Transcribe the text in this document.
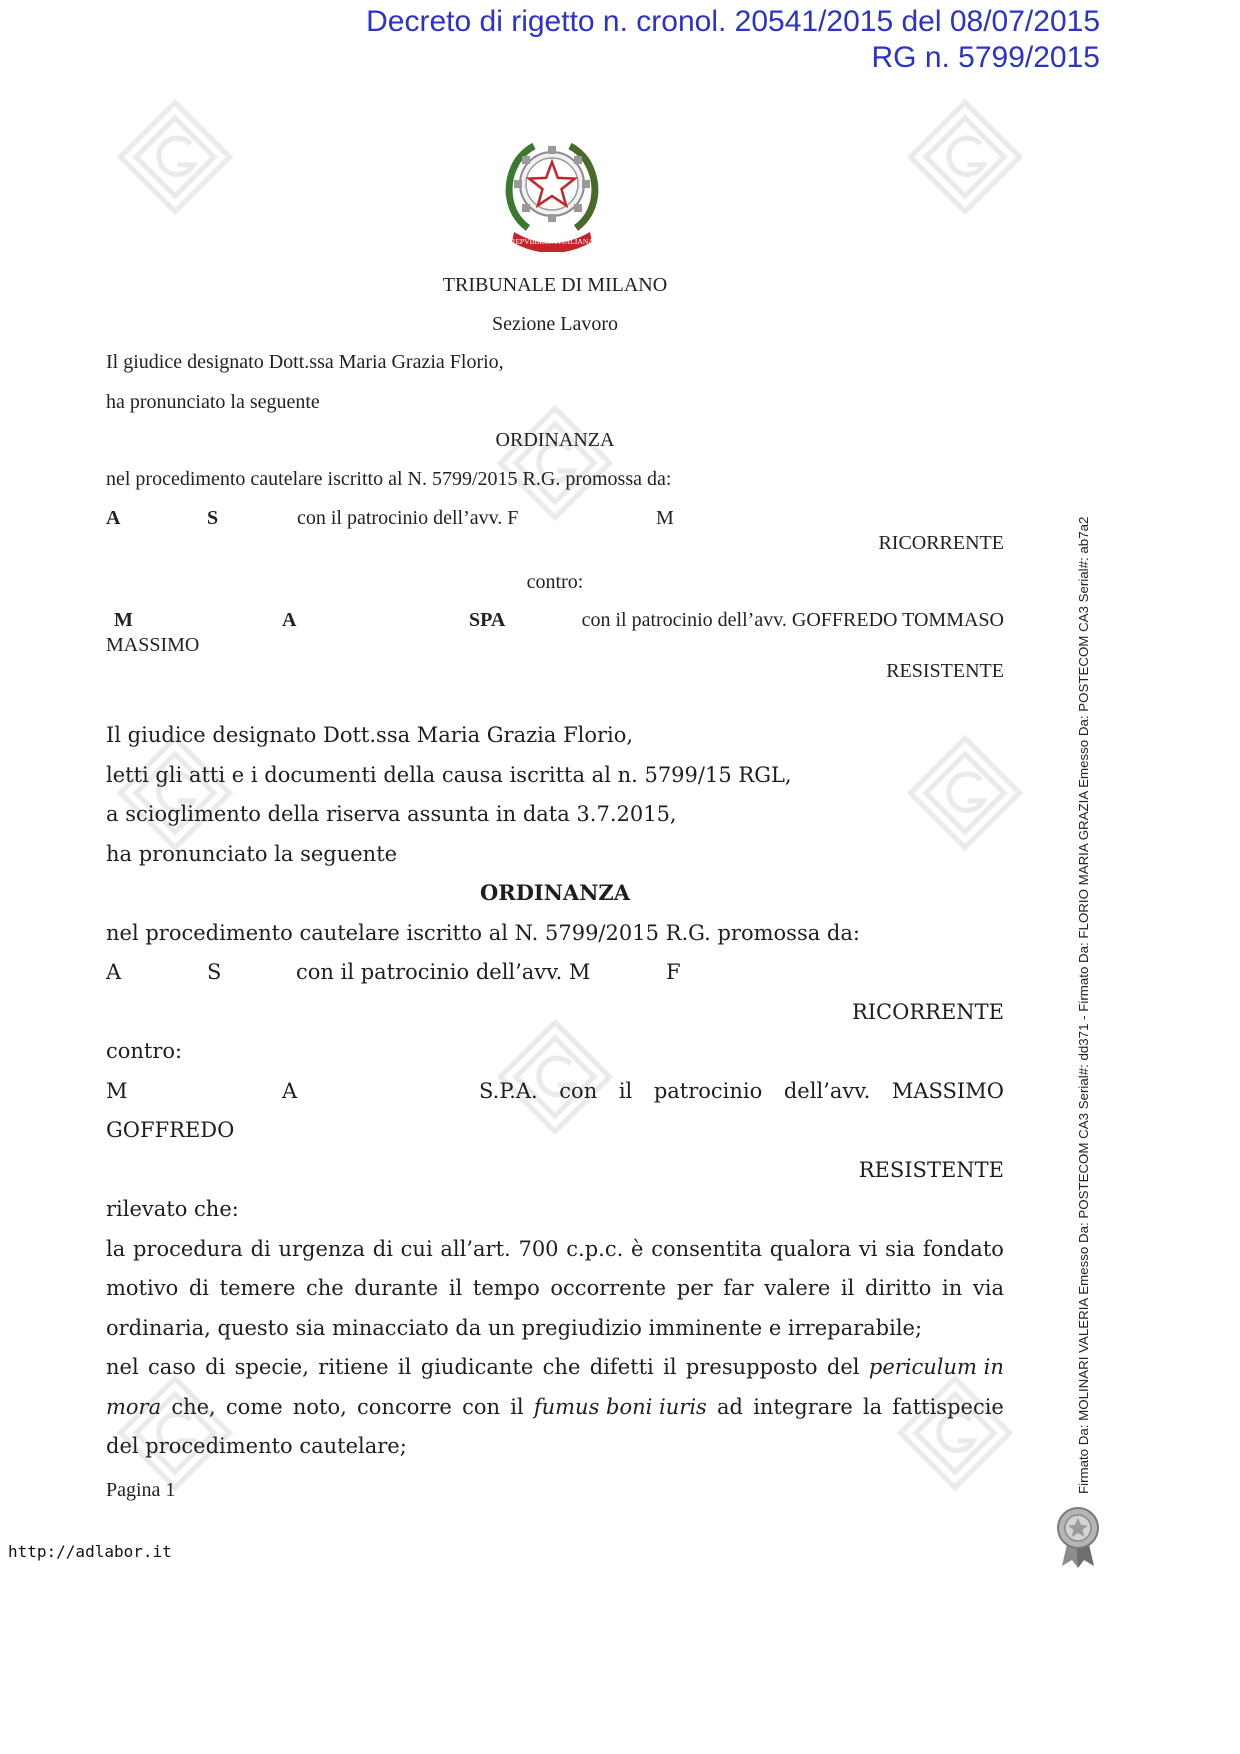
Decreto di rigetto n. cronol. 20541/2015 del 08/07/2015
RG n. 5799/2015
REPVBBLICA ITALIANA
TRIBUNALE DI MILANO
Sezione Lavoro
Il giudice designato Dott.ssa Maria Grazia Florio,
ha pronunciato la seguente
ORDINANZA
nel procedimento cautelare iscritto al N. 5799/2015 R.G. promossa da:
A	S	con il patrocinio dell’avv. F	M
RICORRENTE
contro:
M	A	SPA	con il patrocinio dell’avv. GOFFREDO TOMMASO
MASSIMO
RESISTENTE
Il giudice designato Dott.ssa Maria Grazia Florio,
letti gli atti e i documenti della causa iscritta al n. 5799/15 RGL,
a scioglimento della riserva assunta in data 3.7.2015,
ha pronunciato la seguente
ORDINANZA
nel procedimento cautelare iscritto al N. 5799/2015 R.G. promossa da:
A	S	con il patrocinio dell’avv. M	F
RICORRENTE
contro:
M	A	S.P.A. con il patrocinio dell’avv. MASSIMO
GOFFREDO
RESISTENTE
rilevato che:
la procedura di urgenza di cui all’art. 700 c.p.c. è consentita qualora vi sia fondato
motivo di temere che durante il tempo occorrente per far valere il diritto in via
ordinaria, questo sia minacciato da un pregiudizio imminente e irreparabile;
nel caso di specie, ritiene il giudicante che difetti il presupposto del periculum in
mora che, come noto, concorre con il fumus boni iuris ad integrare la fattispecie
del procedimento cautelare;
Pagina 1	Firmato Da: MOLINARI VALERIA Emesso Da: POSTECOM CA3 Serial#: dd371 - Firmato Da: FLORIO MARIA GRAZIA Emesso Da: POSTECOM CA3 Serial#: ab7a2
http://adlabor.it
